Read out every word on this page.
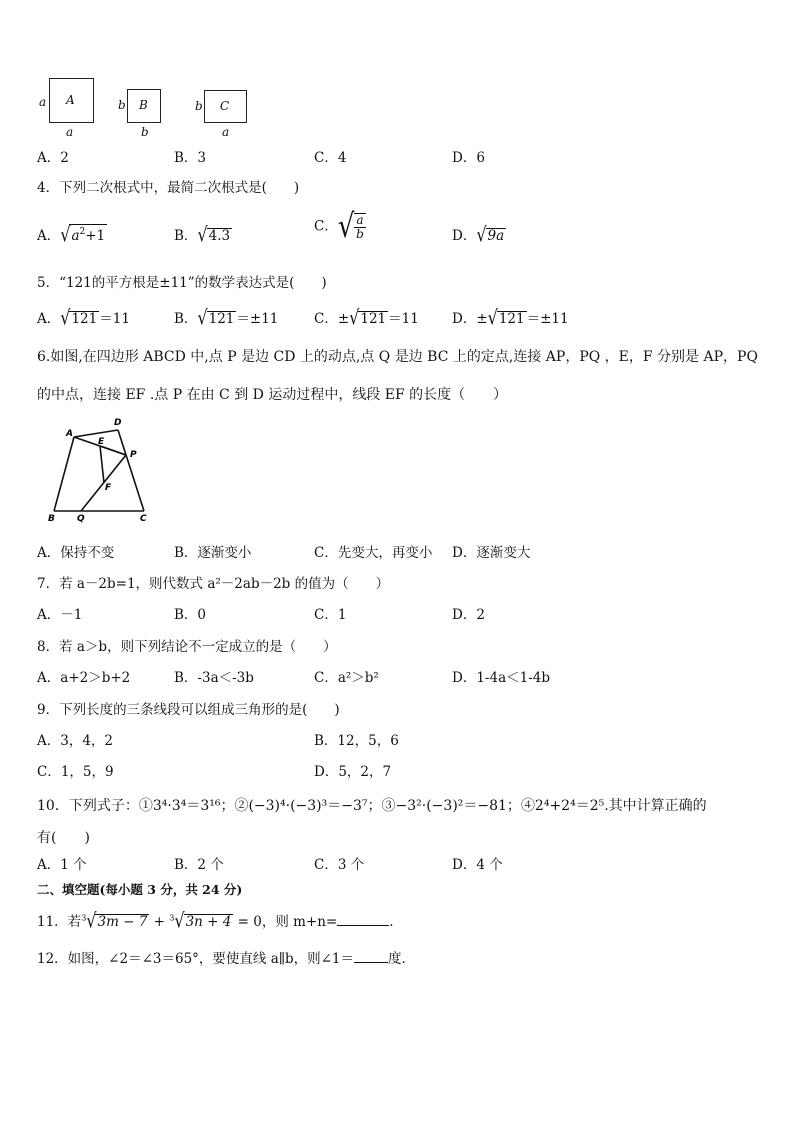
a A
a
b B
b
b C
a
A．2	B．3	C．4	D．6
4．下列二次根式中，最简二次根式是(　　)
A．$√a^2+1$	B．√4.3
C．√ $\frac{a}{b}$	D．√9a
5．“121的平方根是±11”的数学表达式是(　　)
A．√121 ＝11	B．√121 ＝±11	C．±√121 ＝11 D．±√121 ＝±11
6.如图,在四边形 ABCD 中,点 P 是边 CD 上的动点,点 Q 是边 BC 上的定点,连接 AP，PQ ，E，F 分别是 AP，PQ
的中点，连接 EF .点 P 在由 C 到 D 运动过程中，线段 EF 的长度（　　）
A
D
E
P
F
B Q	C
A．保持不变	B．逐渐变小	C．先变大，再变小 D．逐渐变大
7．若 a－2b=1，则代数式 a²－2ab－2b 的值为（　　）
A．－1	B．0	C．1	D．2
8．若 a＞b，则下列结论不一定成立的是（　　）
A．a+2＞b+2	B．-3a＜-3b	C．a²＞b²	D．1-4a＜1-4b
9．下列长度的三条线段可以组成三角形的是(　　)
A．3，4，2	B．12，5，6
C．1，5，9	D．5，2，7
10．下列式子：①3⁴·3⁴＝3¹⁶；②(−3)⁴·(−3)³＝−3⁷；③−3²·(−3)²＝−81；④2⁴+2⁴＝2⁵.其中计算正确的
有(　　)
A．1 个	B．2 个	C．3 个	D．4 个
二、填空题(每小题 3 分，共 24 分)
11．若$^3$√3m − 7 + $^3$√3n + 4 = 0，则 m+n=	.
12．如图，∠2＝∠3＝65°，要使直线 a∥b，则∠1＝	度.
